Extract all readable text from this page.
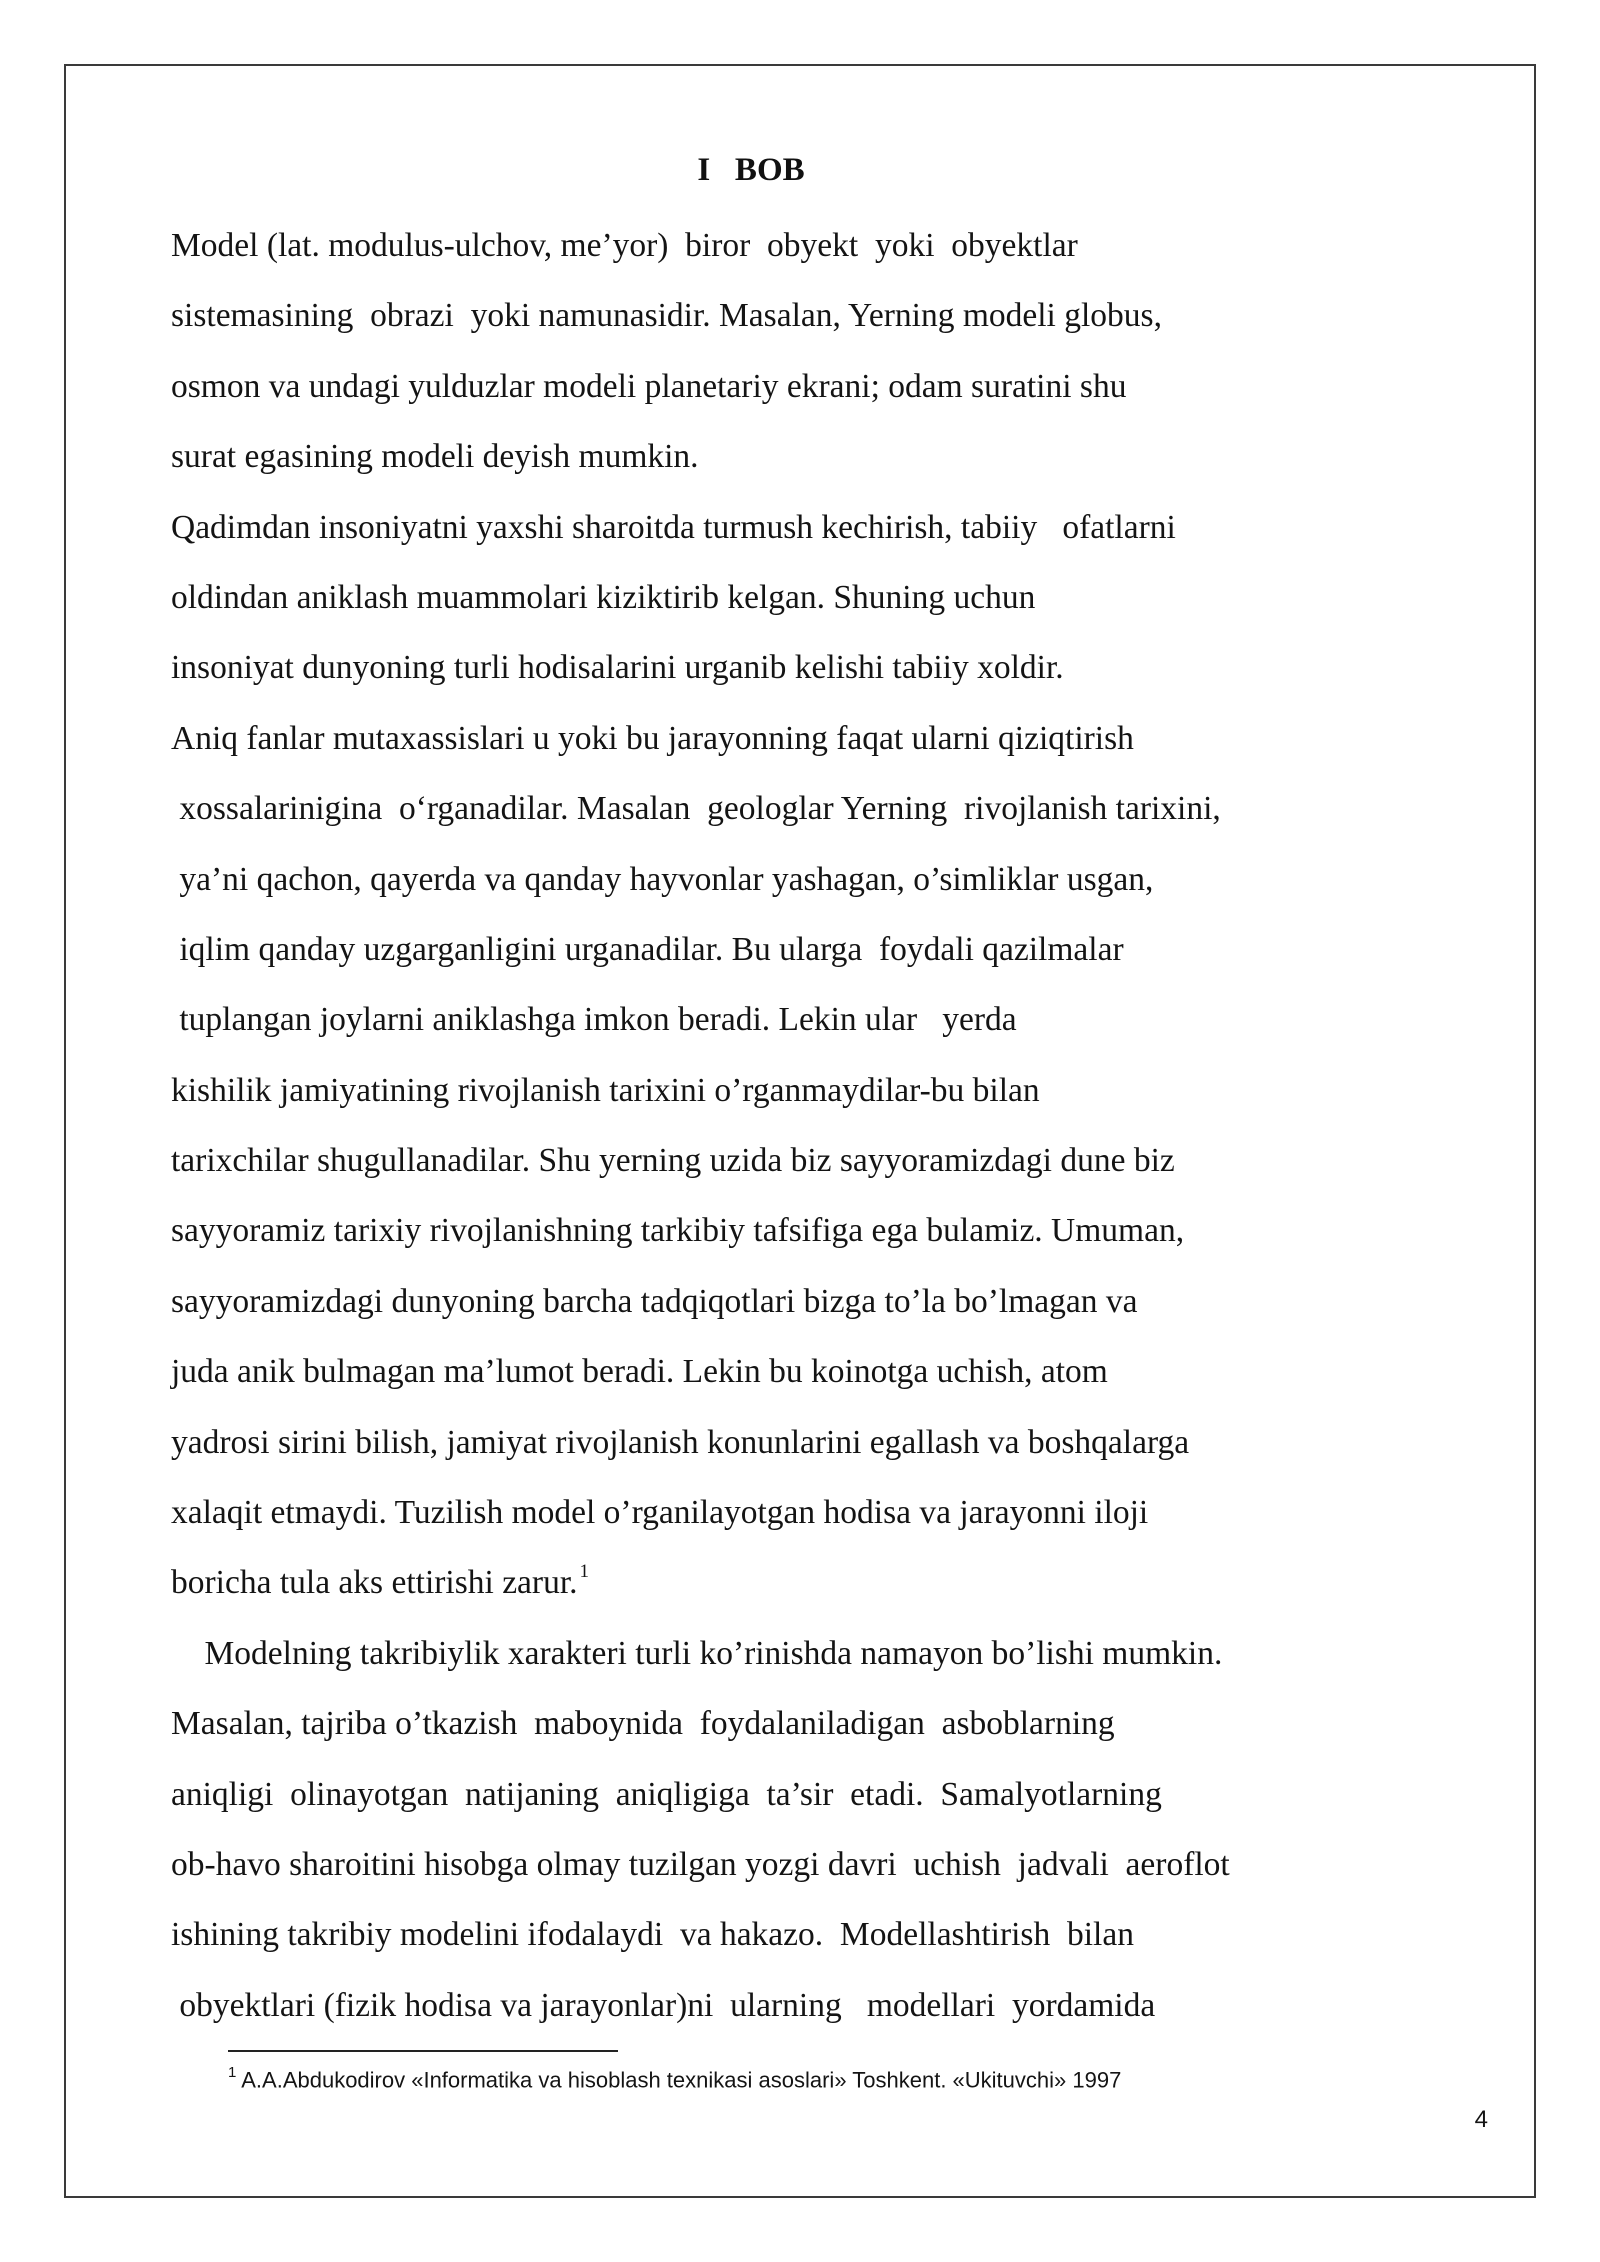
I   BOB
Model (lat. modulus-ulchov, me’yor)  biror  obyekt  yoki  obyektlar
sistemasining  obrazi  yoki namunasidir. Masalan, Yerning modeli globus,
osmon va undagi yulduzlar modeli planetariy ekrani; odam suratini shu
surat egasining modeli deyish mumkin.
Qadimdan insoniyatni yaxshi sharoitda turmush kechirish, tabiiy   ofatlarni
oldindan aniklash muammolari kiziktirib kelgan. Shuning uchun
insoniyat dunyoning turli hodisalarini urganib kelishi tabiiy xoldir.
Aniq fanlar mutaxassislari u yoki bu jarayonning faqat ularni qiziqtirish
xossalarinigina  o‘rganadilar. Masalan  geologlar Yerning  rivojlanish tarixini,
ya’ni qachon, qayerda va qanday hayvonlar yashagan, o’simliklar usgan,
iqlim qanday uzgarganligini urganadilar. Bu ularga  foydali qazilmalar
tuplangan joylarni aniklashga imkon beradi. Lekin ular   yerda
kishilik jamiyatining rivojlanish tarixini o’rganmaydilar-bu bilan
tarixchilar shugullanadilar. Shu yerning uzida biz sayyoramizdagi dune biz
sayyoramiz tarixiy rivojlanishning tarkibiy tafsifiga ega bulamiz. Umuman,
sayyoramizdagi dunyoning barcha tadqiqotlari bizga to’la bo’lmagan va
juda anik bulmagan ma’lumot beradi. Lekin bu koinotga uchish, atom
yadrosi sirini bilish, jamiyat rivojlanish konunlarini egallash va boshqalarga
xalaqit etmaydi. Tuzilish model o’rganilayotgan hodisa va jarayonni iloji
boricha tula aks ettirishi zarur. $^1$
Modelning takribiylik xarakteri turli ko’rinishda namayon bo’lishi mumkin.
Masalan, tajriba o’tkazish  maboynida  foydalaniladigan  asboblarning
aniqligi  olinayotgan  natijaning  aniqligiga  ta’sir  etadi.  Samalyotlarning
ob-havo sharoitini hisobga olmay tuzilgan yozgi davri  uchish  jadvali  aeroflot
ishining takribiy modelini ifodalaydi  va hakazo.  Modellashtirish  bilan
obyektlari (fizik hodisa va jarayonlar)ni  ularning   modellari  yordamida
$^1$ A.A.Abdukodirov «Informatika va hisoblash texnikasi asoslari» Toshkent. «Ukituvchi» 1997
4
